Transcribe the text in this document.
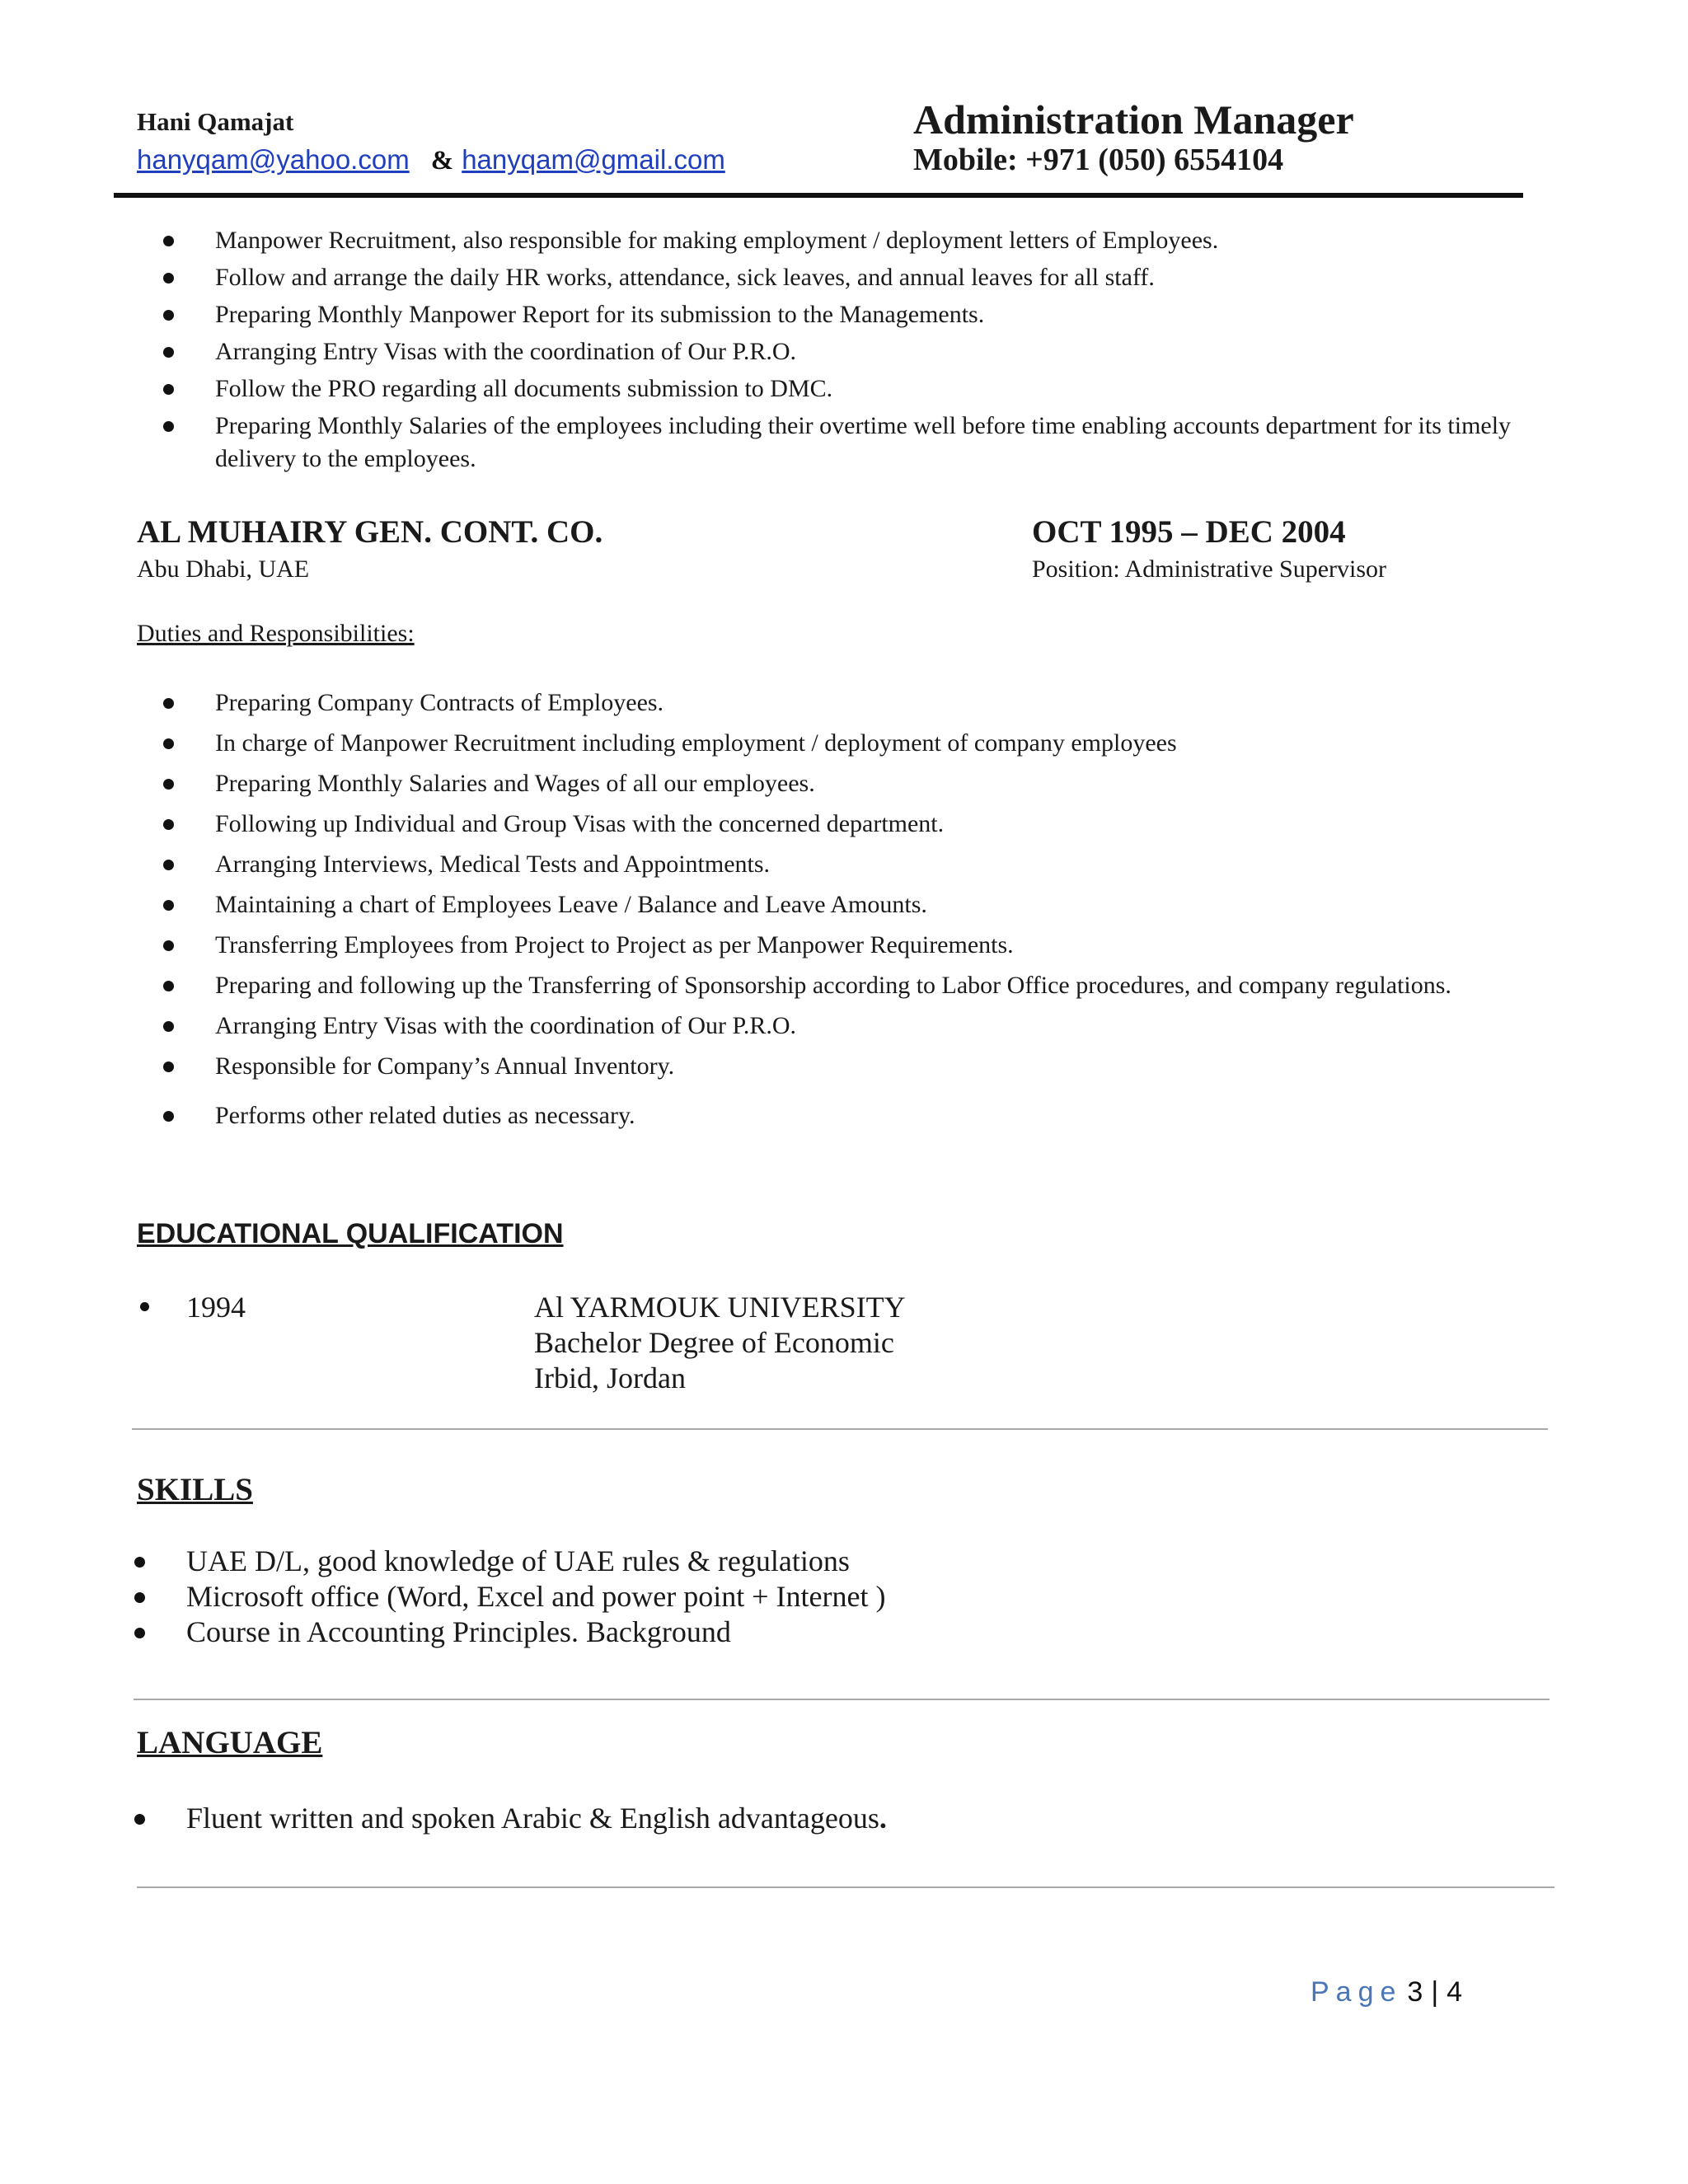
Hani Qamajat	Administration Manager
hanyqam@yahoo.com & hanyqam@gmail.com	Mobile: +971 (050) 6554104
Manpower Recruitment, also responsible for making employment / deployment letters of Employees.
Follow and arrange the daily HR works, attendance, sick leaves, and annual leaves for all staff.
Preparing Monthly Manpower Report for its submission to the Managements.
Arranging Entry Visas with the coordination of Our P.R.O.
Follow the PRO regarding all documents submission to DMC.
Preparing Monthly Salaries of the employees including their overtime well before time enabling accounts department for its timely delivery to the employees.
AL MUHAIRY GEN. CONT. CO.	OCT 1995 – DEC 2004
Abu Dhabi, UAE	Position: Administrative Supervisor
Duties and Responsibilities:
Preparing Company Contracts of Employees.
In charge of Manpower Recruitment including employment / deployment of company employees
Preparing Monthly Salaries and Wages of all our employees.
Following up Individual and Group Visas with the concerned department.
Arranging Interviews, Medical Tests and Appointments.
Maintaining a chart of Employees Leave / Balance and Leave Amounts.
Transferring Employees from Project to Project as per Manpower Requirements.
Preparing and following up the Transferring of Sponsorship according to Labor Office procedures, and company regulations.
Arranging Entry Visas with the coordination of Our P.R.O.
Responsible for Company’s Annual Inventory.
Performs other related duties as necessary.
EDUCATIONAL QUALIFICATION
1994	Al YARMOUK UNIVERSITY
Bachelor Degree of Economic
Irbid, Jordan
SKILLS
UAE D/L, good knowledge of UAE rules & regulations
Microsoft office (Word, Excel and power point + Internet )
Course in Accounting Principles. Background
LANGUAGE
Fluent written and spoken Arabic & English advantageous.
Page 3 | 4
